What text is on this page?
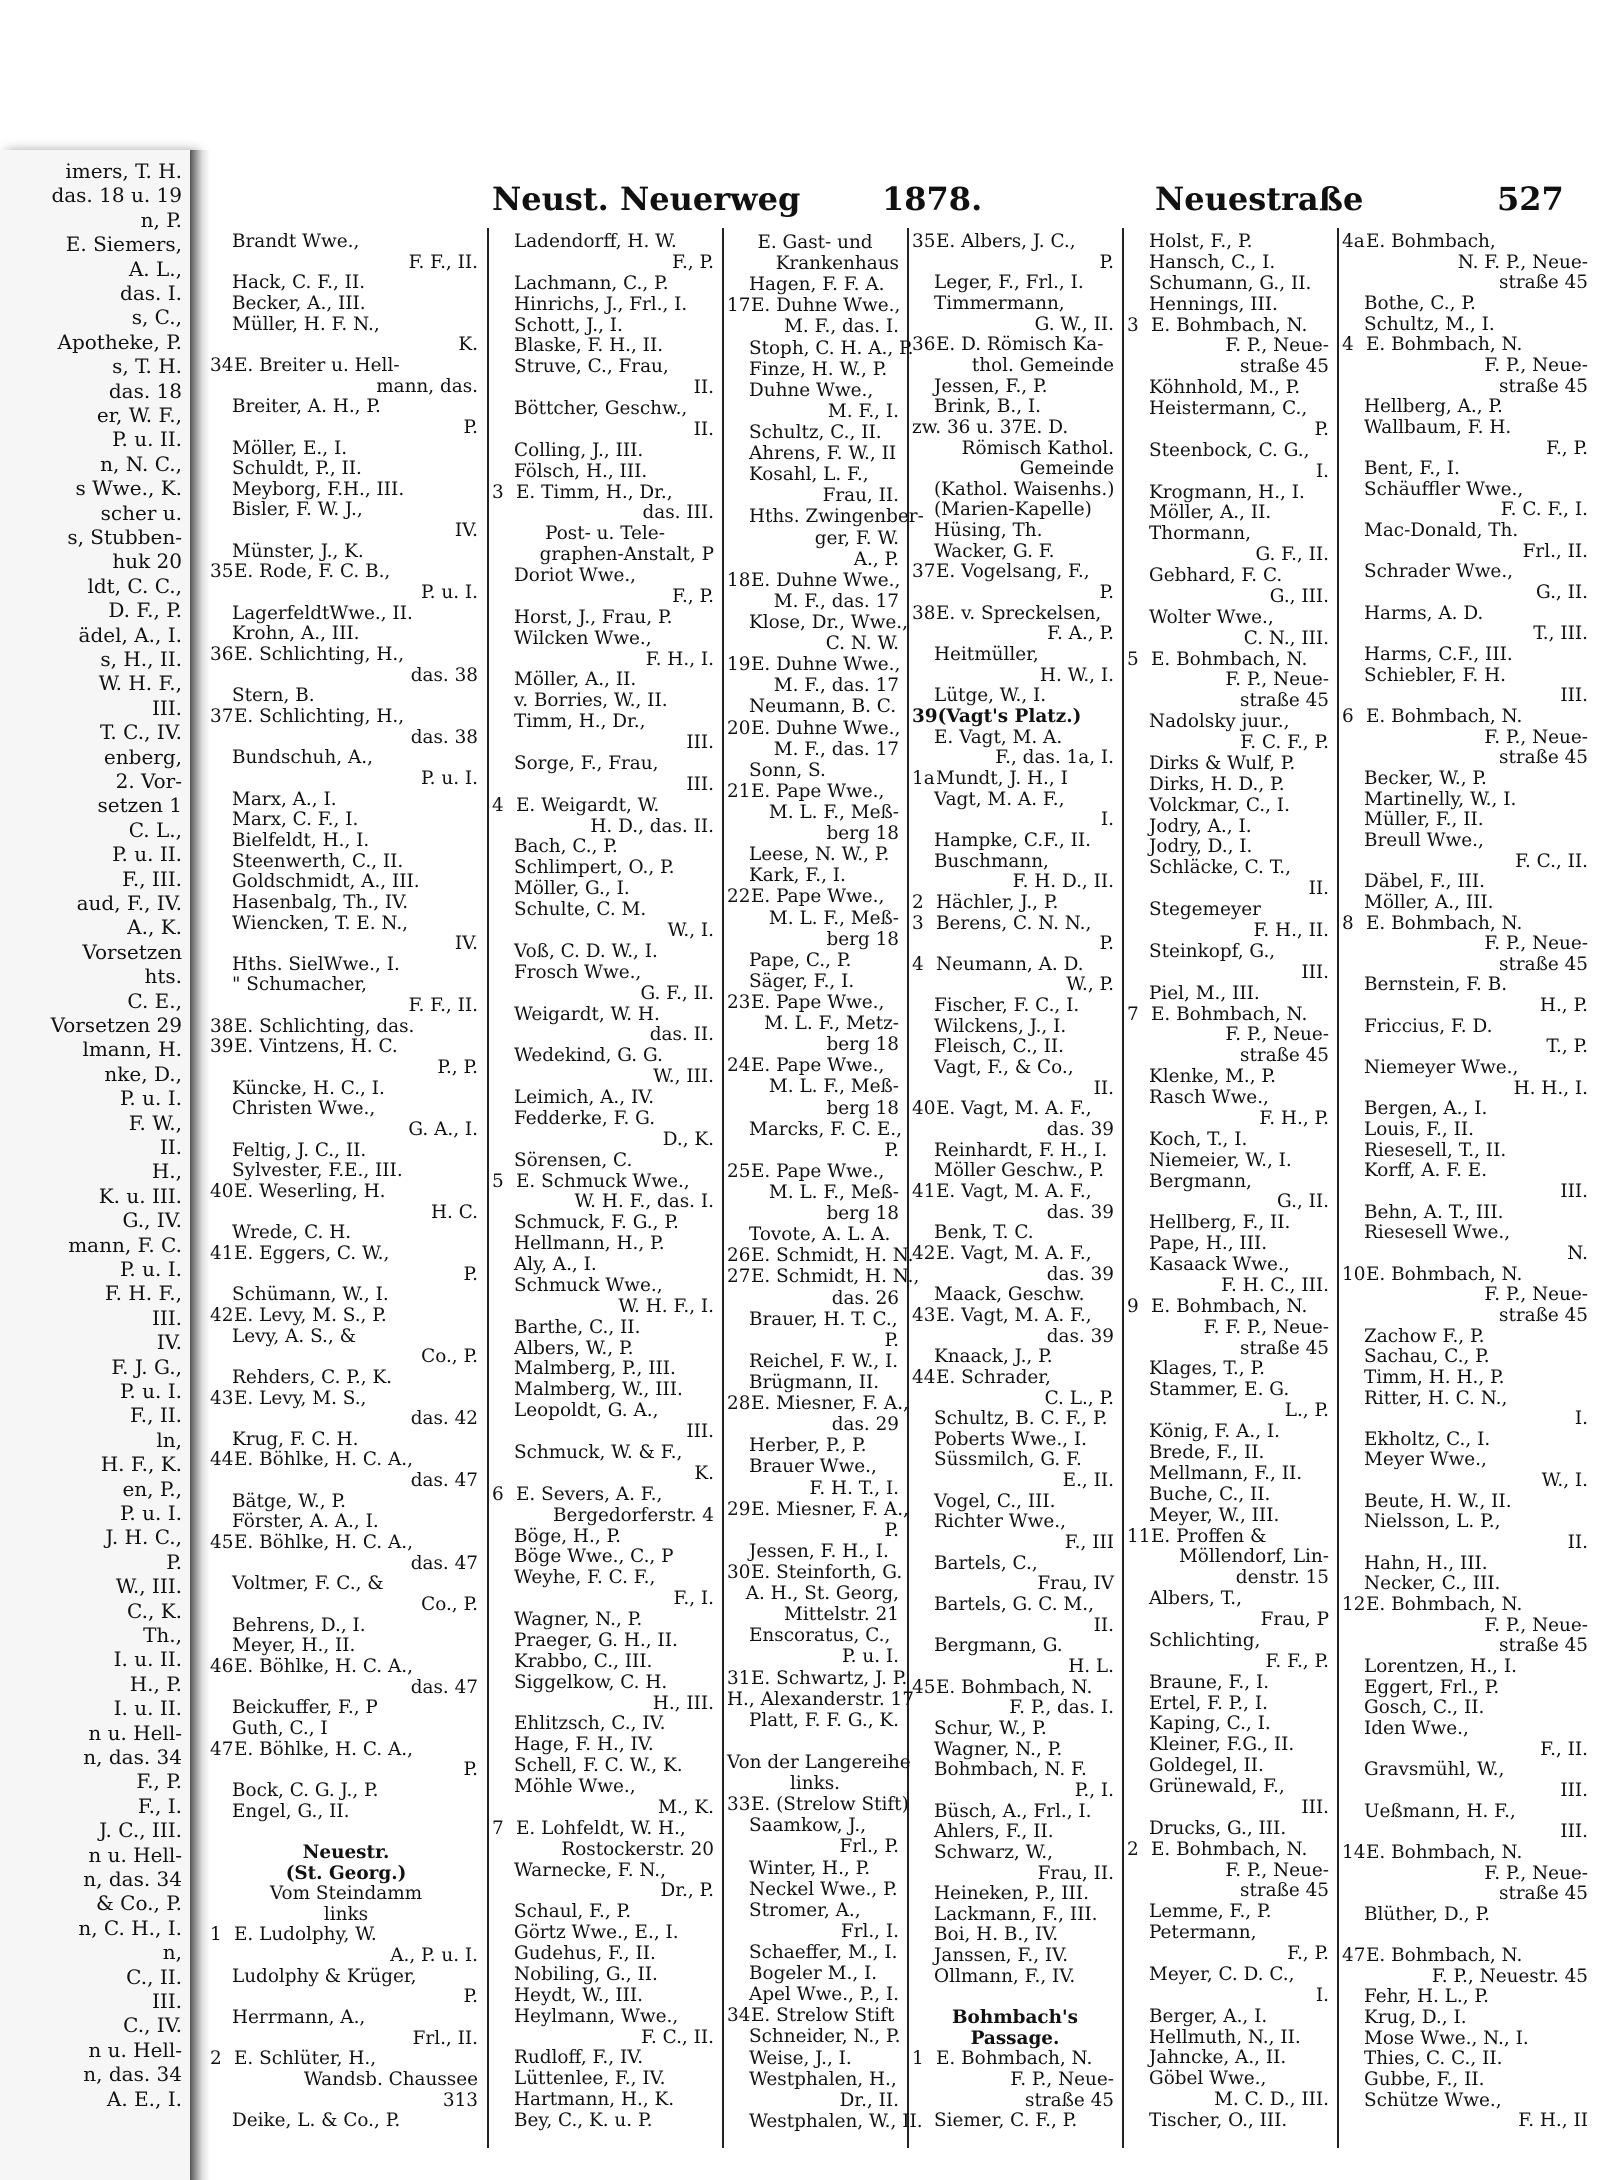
imers, T. H.
das. 18 u. 19
n, P.
E. Siemers,
A. L.,
das. I.
s, C.,
Apotheke, P.
s, T. H.
das. 18
er, W. F.,
P. u. II.
n, N. C.,
s Wwe., K.
scher u.
s, Stubben-
huk 20
ldt, C. C.,
D. F., P.
ädel, A., I.
s, H., II.
W. H. F.,
III.
T. C., IV.
enberg,
2. Vor-
setzen 1
C. L.,
P. u. II.
F., III.
aud, F., IV.
A., K.
Vorsetzen
hts.
C. E.,
Vorsetzen 29
lmann, H.
nke, D.,
P. u. I.
F. W.,
II.
H.,
K. u. III.
G., IV.
mann, F. C.
P. u. I.
F. H. F.,
III.
IV.
F. J. G.,
P. u. I.
F., II.
ln,
H. F., K.
en, P.,
P. u. I.
J. H. C.,
P.
W., III.
C., K.
Th.,
I. u. II.
H., P.
I. u. II.
n u. Hell-
n, das. 34
F., P.
F., I.
J. C., III.
n u. Hell-
n, das. 34
& Co., P.
n, C. H., I.
n,
C., II.
III.
C., IV.
n u. Hell-
n, das. 34
A. E., I.
Neust. Neuerweg	1878.	Neuestraße	527
Brandt Wwe.,
F. F., II.
Hack, C. F., II.
Becker, A., III.
Müller, H. F. N.,
K.
34E. Breiter u. Hell-
mann, das.
Breiter, A. H., P.
P.
Möller, E., I.
Schuldt, P., II.
Meyborg, F.H., III.
Bisler, F. W. J.,
IV.
Münster, J., K.
35E. Rode, F. C. B.,
P. u. I.
LagerfeldtWwe., II.
Krohn, A., III.
36E. Schlichting, H.,
das. 38
Stern, B.
37E. Schlichting, H.,
das. 38
Bundschuh, A.,
P. u. I.
Marx, A., I.
Marx, C. F., I.
Bielfeldt, H., I.
Steenwerth, C., II.
Goldschmidt, A., III.
Hasenbalg, Th., IV.
Wiencken, T. E. N.,
IV.
Hths. SielWwe., I.
" Schumacher,
F. F., II.
38E. Schlichting, das.
39E. Vintzens, H. C.
P., P.
Küncke, H. C., I.
Christen Wwe.,
G. A., I.
Feltig, J. C., II.
Sylvester, F.E., III.
40E. Weserling, H.
H. C.
Wrede, C. H.
41E. Eggers, C. W.,
P.
Schümann, W., I.
42E. Levy, M. S., P.
Levy, A. S., &
Co., P.
Rehders, C. P., K.
43E. Levy, M. S.,
das. 42
Krug, F. C. H.
44E. Böhlke, H. C. A.,
das. 47
Bätge, W., P.
Förster, A. A., I.
45E. Böhlke, H. C. A.,
das. 47
Voltmer, F. C., &
Co., P.
Behrens, D., I.
Meyer, H., II.
46E. Böhlke, H. C. A.,
das. 47
Beickuffer, F., P
Guth, C., I
47E. Böhlke, H. C. A.,
P.
Bock, C. G. J., P.
Engel, G., II.
Neuestr.
(St. Georg.)
Vom Steindamm
links
1E. Ludolphy, W.
A., P. u. I.
Ludolphy & Krüger,
P.
Herrmann, A.,
Frl., II.
2E. Schlüter, H.,
Wandsb. Chaussee
313
Deike, L. & Co., P.
Ladendorff, H. W.
F., P.
Lachmann, C., P.
Hinrichs, J., Frl., I.
Schott, J., I.
Blaske, F. H., II.
Struve, C., Frau,
II.
Böttcher, Geschw.,
II.
Colling, J., III.
Fölsch, H., III.
3E. Timm, H., Dr.,
das. III.
Post- u. Tele-
graphen-Anstalt, P
Doriot Wwe.,
F., P.
Horst, J., Frau, P.
Wilcken Wwe.,
F. H., I.
Möller, A., II.
v. Borries, W., II.
Timm, H., Dr.,
III.
Sorge, F., Frau,
III.
4E. Weigardt, W.
H. D., das. II.
Bach, C., P.
Schlimpert, O., P.
Möller, G., I.
Schulte, C. M.
W., I.
Voß, C. D. W., I.
Frosch Wwe.,
G. F., II.
Weigardt, W. H.
das. II.
Wedekind, G. G.
W., III.
Leimich, A., IV.
Fedderke, F. G.
D., K.
Sörensen, C.
5E. Schmuck Wwe.,
W. H. F., das. I.
Schmuck, F. G., P.
Hellmann, H., P.
Aly, A., I.
Schmuck Wwe.,
W. H. F., I.
Barthe, C., II.
Albers, W., P.
Malmberg, P., III.
Malmberg, W., III.
Leopoldt, G. A.,
III.
Schmuck, W. & F.,
K.
6E. Severs, A. F.,
Bergedorferstr. 4
Böge, H., P.
Böge Wwe., C., P
Weyhe, F. C. F.,
F., I.
Wagner, N., P.
Praeger, G. H., II.
Krabbo, C., III.
Siggelkow, C. H.
H., III.
Ehlitzsch, C., IV.
Hage, F. H., IV.
Schell, F. C. W., K.
Möhle Wwe.,
M., K.
7E. Lohfeldt, W. H.,
Rostockerstr. 20
Warnecke, F. N.,
Dr., P.
Schaul, F., P.
Görtz Wwe., E., I.
Gudehus, F., II.
Nobiling, G., II.
Heydt, W., III.
Heylmann, Wwe.,
F. C., II.
Rudloff, F., IV.
Lüttenlee, F., IV.
Hartmann, H., K.
Bey, C., K. u. P.
E. Gast- und
Krankenhaus
Hagen, F. F. A.
17E. Duhne Wwe.,
M. F., das. I.
Stoph, C. H. A., P.
Finze, H. W., P.
Duhne Wwe.,
M. F., I.
Schultz, C., II.
Ahrens, F. W., II
Kosahl, L. F.,
Frau, II.
Hths. Zwingenber-
ger, F. W.
A., P.
18E. Duhne Wwe.,
M. F., das. 17
Klose, Dr., Wwe.,
C. N. W.
19E. Duhne Wwe.,
M. F., das. 17
Neumann, B. C.
20E. Duhne Wwe.,
M. F., das. 17
Sonn, S.
21E. Pape Wwe.,
M. L. F., Meß-
berg 18
Leese, N. W., P.
Kark, F., I.
22E. Pape Wwe.,
M. L. F., Meß-
berg 18
Pape, C., P.
Säger, F., I.
23E. Pape Wwe.,
M. L. F., Metz-
berg 18
24E. Pape Wwe.,
M. L. F., Meß-
berg 18
Marcks, F. C. E.,
P.
25E. Pape Wwe.,
M. L. F., Meß-
berg 18
Tovote, A. L. A.
26E. Schmidt, H. N.
27E. Schmidt, H. N.,
das. 26
Brauer, H. T. C.,
P.
Reichel, F. W., I.
Brügmann, II.
28E. Miesner, F. A.,
das. 29
Herber, P., P.
Brauer Wwe.,
F. H. T., I.
29E. Miesner, F. A.,
P.
Jessen, F. H., I.
30E. Steinforth, G.
A. H., St. Georg,
Mittelstr. 21
Enscoratus, C.,
P. u. I.
31E. Schwartz, J. P.
H., Alexanderstr. 17
Platt, F. F. G., K.
Von der Langereihe
links.
33E. (Strelow Stift)
Saamkow, J.,
Frl., P.
Winter, H., P.
Neckel Wwe., P.
Stromer, A.,
Frl., I.
Schaeffer, M., I.
Bogeler M., I.
Apel Wwe., P., I.
34E. Strelow Stift
Schneider, N., P.
Weise, J., I.
Westphalen, H.,
Dr., II.
Westphalen, W., II.
35E. Albers, J. C.,
P.
Leger, F., Frl., I.
Timmermann,
G. W., II.
36E. D. Römisch Ka-
thol. Gemeinde
Jessen, F., P.
Brink, B., I.
zw. 36 u. 37E. D.
Römisch Kathol.
Gemeinde
(Kathol. Waisenhs.)
(Marien-Kapelle)
Hüsing, Th.
Wacker, G. F.
37E. Vogelsang, F.,
P.
38E. v. Spreckelsen,
F. A., P.
Heitmüller,
H. W., I.
Lütge, W., I.
39(Vagt's Platz.)
E. Vagt, M. A.
F., das. 1a, I.
1aMundt, J. H., I
Vagt, M. A. F.,
I.
Hampke, C.F., II.
Buschmann,
F. H. D., II.
2Hächler, J., P.
3Berens, C. N. N.,
P.
4Neumann, A. D.
W., P.
Fischer, F. C., I.
Wilckens, J., I.
Fleisch, C., II.
Vagt, F., & Co.,
II.
40E. Vagt, M. A. F.,
das. 39
Reinhardt, F. H., I.
Möller Geschw., P.
41E. Vagt, M. A. F.,
das. 39
Benk, T. C.
42E. Vagt, M. A. F.,
das. 39
Maack, Geschw.
43E. Vagt, M. A. F.,
das. 39
Knaack, J., P.
44E. Schrader,
C. L., P.
Schultz, B. C. F., P.
Poberts Wwe., I.
Süssmilch, G. F.
E., II.
Vogel, C., III.
Richter Wwe.,
F., III
Bartels, C.,
Frau, IV
Bartels, G. C. M.,
II.
Bergmann, G.
H. L.
45E. Bohmbach, N.
F. P., das. I.
Schur, W., P.
Wagner, N., P.
Bohmbach, N. F.
P., I.
Büsch, A., Frl., I.
Ahlers, F., II.
Schwarz, W.,
Frau, II.
Heineken, P., III.
Lackmann, F., III.
Boi, H. B., IV.
Janssen, F., IV.
Ollmann, F., IV.
Bohmbach's
Passage.
1E. Bohmbach, N.
F. P., Neue-
straße 45
Siemer, C. F., P.
Holst, F., P.
Hansch, C., I.
Schumann, G., II.
Hennings, III.
3E. Bohmbach, N.
F. P., Neue-
straße 45
Köhnhold, M., P.
Heistermann, C.,
P.
Steenbock, C. G.,
I.
Krogmann, H., I.
Möller, A., II.
Thormann,
G. F., II.
Gebhard, F. C.
G., III.
Wolter Wwe.,
C. N., III.
5E. Bohmbach, N.
F. P., Neue-
straße 45
Nadolsky juur.,
F. C. F., P.
Dirks & Wulf, P.
Dirks, H. D., P.
Volckmar, C., I.
Jodry, A., I.
Jodry, D., I.
Schläcke, C. T.,
II.
Stegemeyer
F. H., II.
Steinkopf, G.,
III.
Piel, M., III.
7E. Bohmbach, N.
F. P., Neue-
straße 45
Klenke, M., P.
Rasch Wwe.,
F. H., P.
Koch, T., I.
Niemeier, W., I.
Bergmann,
G., II.
Hellberg, F., II.
Pape, H., III.
Kasaack Wwe.,
F. H. C., III.
9E. Bohmbach, N.
F. F. P., Neue-
straße 45
Klages, T., P.
Stammer, E. G.
L., P.
König, F. A., I.
Brede, F., II.
Mellmann, F., II.
Buche, C., II.
Meyer, W., III.
11E. Proffen &
Möllendorf, Lin-
denstr. 15
Albers, T.,
Frau, P
Schlichting,
F. F., P.
Braune, F., I.
Ertel, F. P., I.
Kaping, C., I.
Kleiner, F.G., II.
Goldegel, II.
Grünewald, F.,
III.
Drucks, G., III.
2E. Bohmbach, N.
F. P., Neue-
straße 45
Lemme, F., P.
Petermann,
F., P.
Meyer, C. D. C.,
I.
Berger, A., I.
Hellmuth, N., II.
Jahncke, A., II.
Göbel Wwe.,
M. C. D., III.
Tischer, O., III.
4aE. Bohmbach,
N. F. P., Neue-
straße 45
Bothe, C., P.
Schultz, M., I.
4E. Bohmbach, N.
F. P., Neue-
straße 45
Hellberg, A., P.
Wallbaum, F. H.
F., P.
Bent, F., I.
Schäuffler Wwe.,
F. C. F., I.
Mac-Donald, Th.
Frl., II.
Schrader Wwe.,
G., II.
Harms, A. D.
T., III.
Harms, C.F., III.
Schiebler, F. H.
III.
6E. Bohmbach, N.
F. P., Neue-
straße 45
Becker, W., P.
Martinelly, W., I.
Müller, F., II.
Breull Wwe.,
F. C., II.
Däbel, F., III.
Möller, A., III.
8E. Bohmbach, N.
F. P., Neue-
straße 45
Bernstein, F. B.
H., P.
Friccius, F. D.
T., P.
Niemeyer Wwe.,
H. H., I.
Bergen, A., I.
Louis, F., II.
Riesesell, T., II.
Korff, A. F. E.
III.
Behn, A. T., III.
Riesesell Wwe.,
N.
10E. Bohmbach, N.
F. P., Neue-
straße 45
Zachow F., P.
Sachau, C., P.
Timm, H. H., P.
Ritter, H. C. N.,
I.
Ekholtz, C., I.
Meyer Wwe.,
W., I.
Beute, H. W., II.
Nielsson, L. P.,
II.
Hahn, H., III.
Necker, C., III.
12E. Bohmbach, N.
F. P., Neue-
straße 45
Lorentzen, H., I.
Eggert, Frl., P.
Gosch, C., II.
Iden Wwe.,
F., II.
Gravsmühl, W.,
III.
Ueßmann, H. F.,
III.
14E. Bohmbach, N.
F. P., Neue-
straße 45
Blüther, D., P.
47E. Bohmbach, N.
F. P., Neuestr. 45
Fehr, H. L., P.
Krug, D., I.
Mose Wwe., N., I.
Thies, C. C., II.
Gubbe, F., II.
Schütze Wwe.,
F. H., II
